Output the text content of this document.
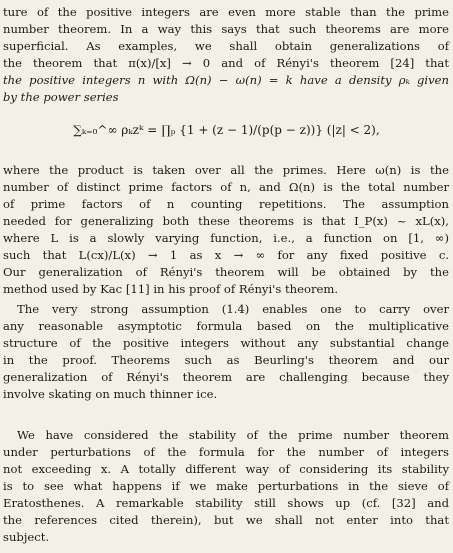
ture of the positive integers are even more stable than the prime
number theorem. In a way this says that such theorems are more
superficial. As examples, we shall obtain generalizations of
the theorem that π(x)/[x] → 0 and of Rényi's theorem [24] that
the positive integers n with Ω(n) − ω(n) = k have a density ρₖ given
by the power series
∑ₖ₌₀^∞ ρₖzᵏ = ∏ₚ {1 + (z − 1)/(p(p − z))} (|z| < 2),
where the product is taken over all the primes. Here ω(n) is the
number of distinct prime factors of n, and Ω(n) is the total number
of prime factors of n counting repetitions. The assumption
needed for generalizing both these theorems is that I_P(x) ~ xL(x),
where L is a slowly varying function, i.e., a function on [1, ∞)
such that L(cx)/L(x) → 1 as x → ∞ for any fixed positive c.
Our generalization of Rényi's theorem will be obtained by the
method used by Kac [11] in his proof of Rényi's theorem.
The very strong assumption (1.4) enables one to carry over
any reasonable asymptotic formula based on the multiplicative
structure of the positive integers without any substantial change
in the proof. Theorems such as Beurling's theorem and our
generalization of Rényi's theorem are challenging because they
involve skating on much thinner ice.
We have considered the stability of the prime number theorem
under perturbations of the formula for the number of integers
not exceeding x. A totally different way of considering its stability
is to see what happens if we make perturbations in the sieve of
Eratosthenes. A remarkable stability still shows up (cf. [32] and
the references cited therein), but we shall not enter into that
subject.
